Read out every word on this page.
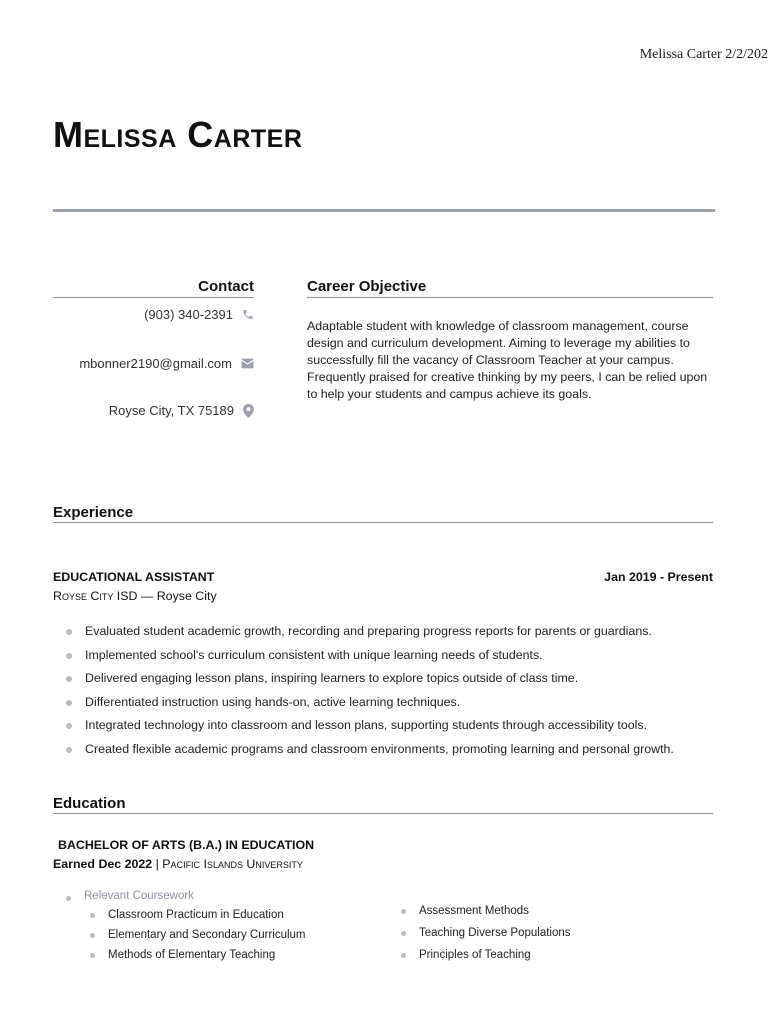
Melissa Carter 2/2/202
Melissa Carter
Contact
(903) 340-2391
mbonner2190@gmail.com
Royse City, TX 75189
Career Objective
Adaptable student with knowledge of classroom management, course design and curriculum development. Aiming to leverage my abilities to successfully fill the vacancy of Classroom Teacher at your campus. Frequently praised for creative thinking by my peers, I can be relied upon to help your students and campus achieve its goals.
Experience
EDUCATIONAL ASSISTANT	Jan 2019 - Present
Royse City ISD — Royse City
Evaluated student academic growth, recording and preparing progress reports for parents or guardians.
Implemented school's curriculum consistent with unique learning needs of students.
Delivered engaging lesson plans, inspiring learners to explore topics outside of class time.
Differentiated instruction using hands-on, active learning techniques.
Integrated technology into classroom and lesson plans, supporting students through accessibility tools.
Created flexible academic programs and classroom environments, promoting learning and personal growth.
Education
BACHELOR OF ARTS (B.A.) IN EDUCATION
Earned Dec 2022 | Pacific Islands University
Relevant Coursework
Classroom Practicum in Education
Elementary and Secondary Curriculum
Methods of Elementary Teaching
Assessment Methods
Teaching Diverse Populations
Principles of Teaching
